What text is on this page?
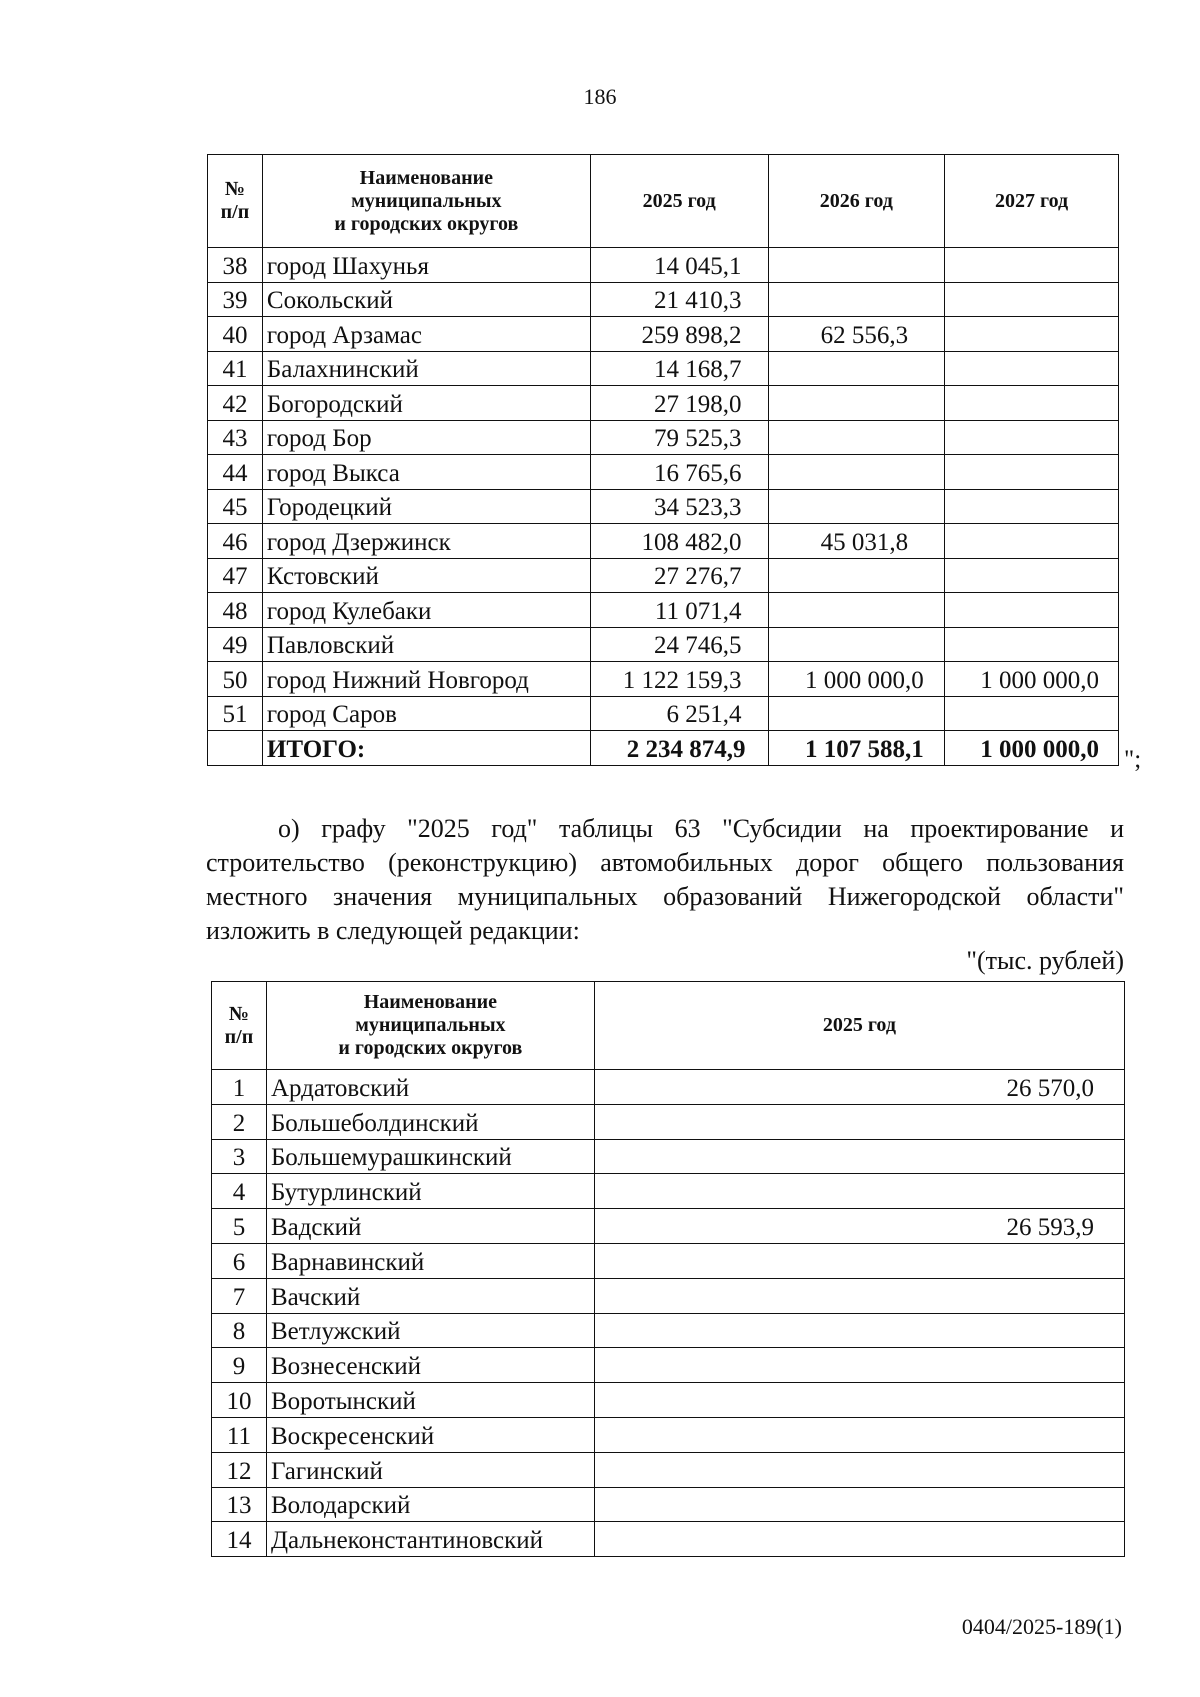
186
№
п/п	Наименование
муниципальных
и городских округов	2025 год	2026 год	2027 год
38	город Шахунья	14 045,1		
39	Сокольский	21 410,3		
40	город Арзамас	259 898,2	62 556,3	
41	Балахнинский	14 168,7		
42	Богородский	27 198,0		
43	город Бор	79 525,3		
44	город Выкса	16 765,6		
45	Городецкий	34 523,3		
46	город Дзержинск	108 482,0	45 031,8	
47	Кстовский	27 276,7		
48	город Кулебаки	11 071,4		
49	Павловский	24 746,5		
50	город Нижний Новгород	1 122 159,3	1 000 000,0	1 000 000,0
51	город Саров	6 251,4		
	ИТОГО:	2 234 874,9	1 107 588,1	1 000 000,0 ";
о) графу "2025 год" таблицы 63 "Субсидии на проектирование и строительство (реконструкцию) автомобильных дорог общего пользования местного значения муниципальных образований Нижегородской области" изложить в следующей редакции:
"(тыс. рублей)
№
п/п	Наименование
муниципальных
и городских округов	2025 год
1	Ардатовский	26 570,0
2	Большеболдинский	
3	Большемурашкинский	
4	Бутурлинский	
5	Вадский	26 593,9
6	Варнавинский	
7	Вачский	
8	Ветлужский	
9	Вознесенский	
10	Воротынский	
11	Воскресенский	
12	Гагинский	
13	Володарский	
14	Дальнеконстантиновский	
0404/2025-189(1)
